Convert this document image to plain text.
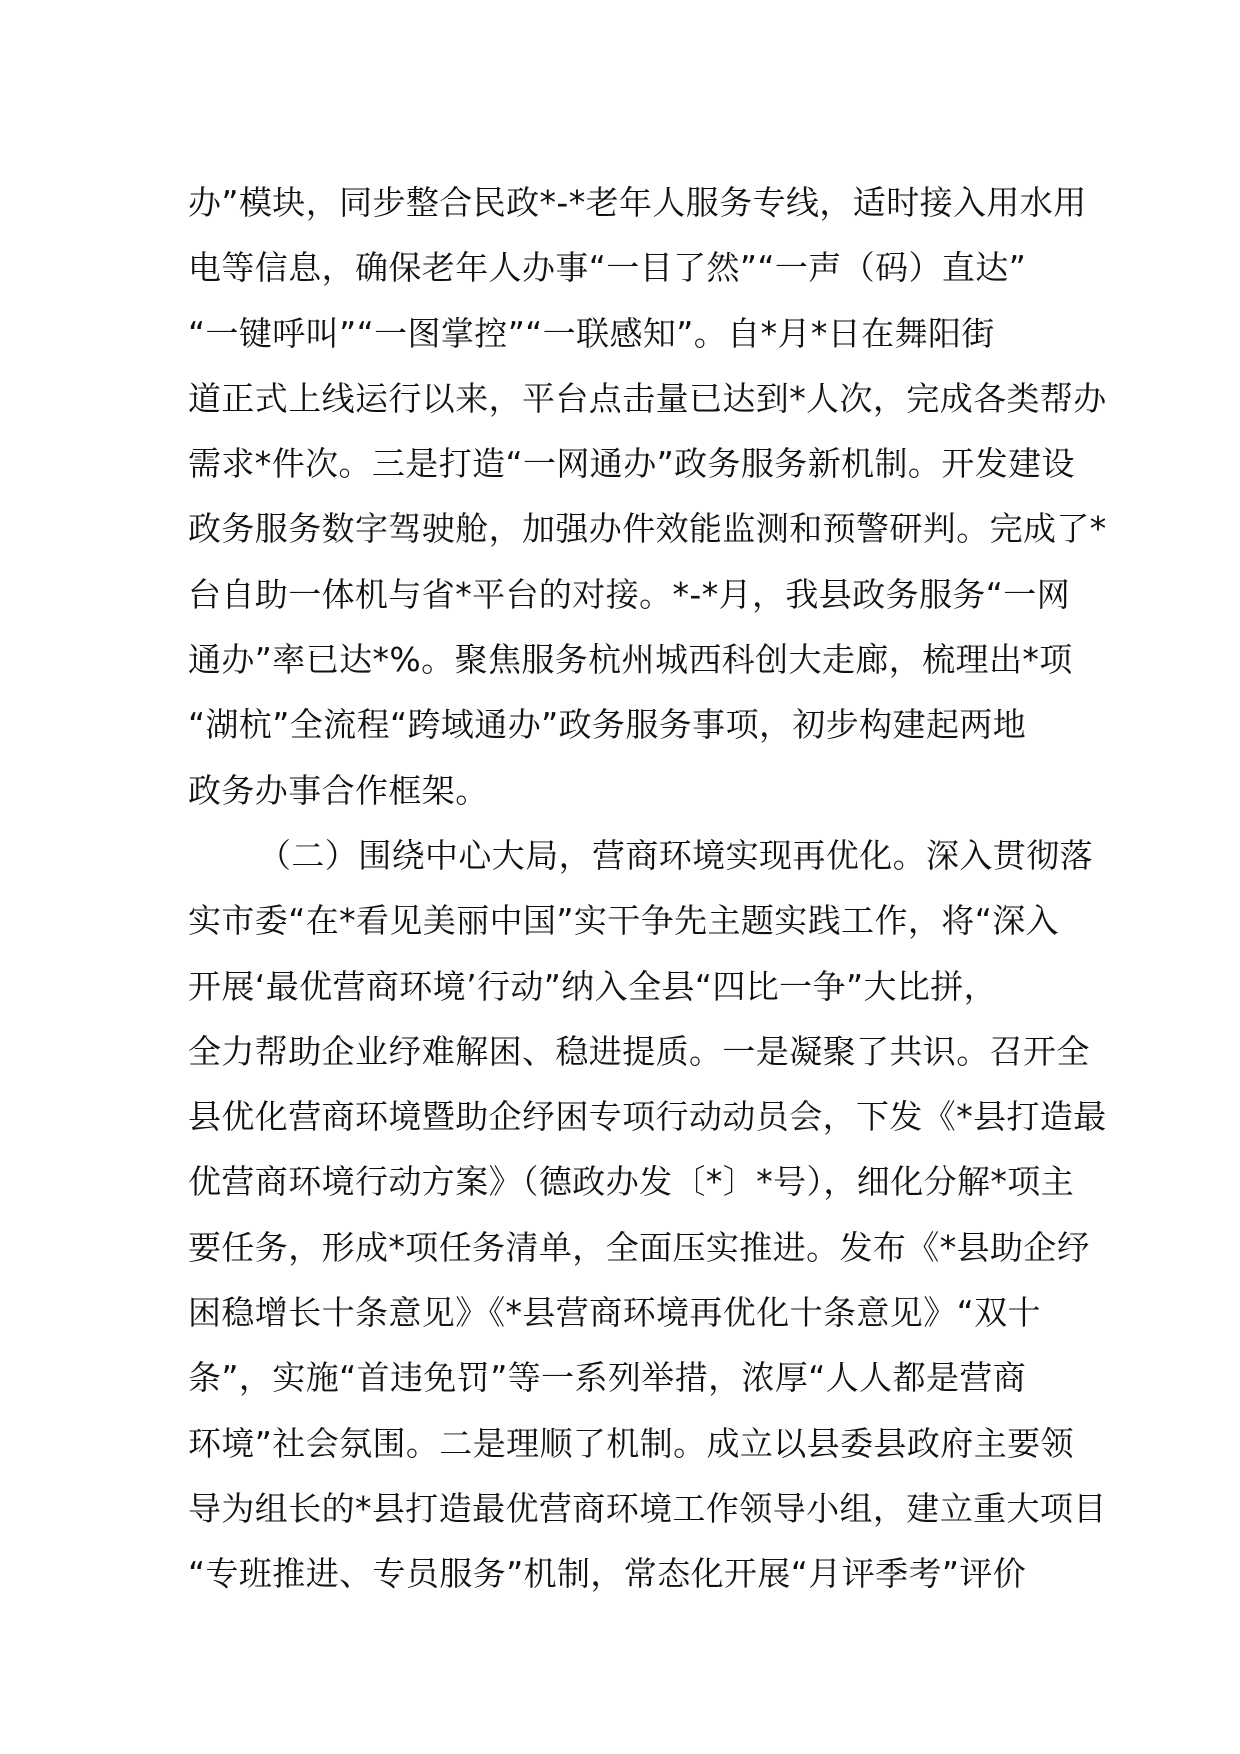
办”模块，同步整合民政*-*老年人服务专线，适时接入用水用
电等信息，确保老年人办事“一目了然”“一声（码）直达”
“一键呼叫”“一图掌控”“一联感知”。自*月*日在舞阳街
道正式上线运行以来，平台点击量已达到*人次，完成各类帮办
需求*件次。三是打造“一网通办”政务服务新机制。开发建设
政务服务数字驾驶舱，加强办件效能监测和预警研判。完成了*
台自助一体机与省*平台的对接。*-*月，我县政务服务“一网
通办”率已达*%。聚焦服务杭州城西科创大走廊，梳理出*项
“湖杭”全流程“跨域通办”政务服务事项，初步构建起两地
政务办事合作框架。
（二）围绕中心大局，营商环境实现再优化。深入贯彻落
实市委“在*看见美丽中国”实干争先主题实践工作，将“深入
开展‘最优营商环境’行动”纳入全县“四比一争”大比拼，
全力帮助企业纾难解困、稳进提质。一是凝聚了共识。召开全
县优化营商环境暨助企纾困专项行动动员会，下发《*县打造最
优营商环境行动方案》（德政办发〔*〕*号），细化分解*项主
要任务，形成*项任务清单，全面压实推进。发布《*县助企纾
困稳增长十条意见》《*县营商环境再优化十条意见》“双十
条”，实施“首违免罚”等一系列举措，浓厚“人人都是营商
环境”社会氛围。二是理顺了机制。成立以县委县政府主要领
导为组长的*县打造最优营商环境工作领导小组，建立重大项目
“专班推进、专员服务”机制，常态化开展“月评季考”评价
